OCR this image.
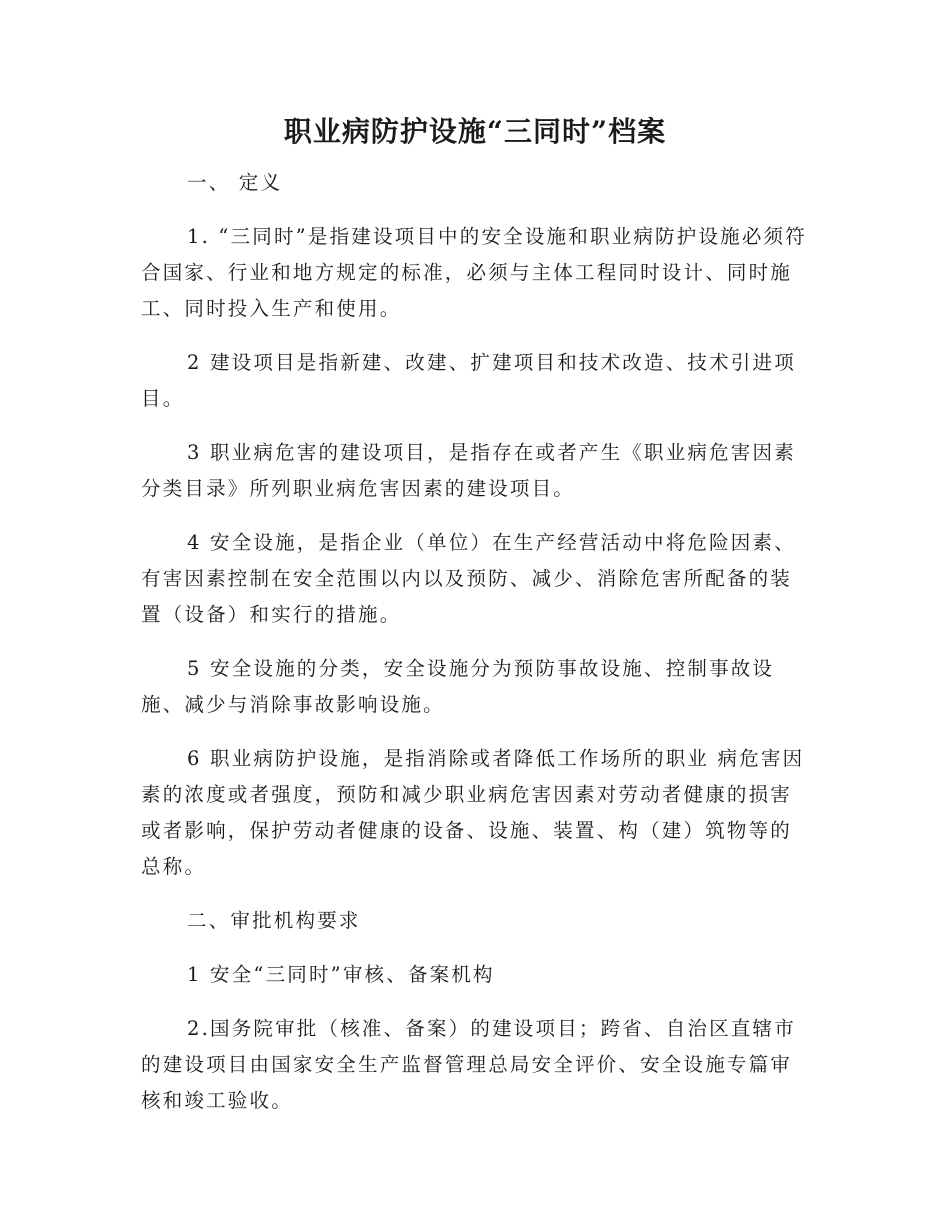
职业病防护设施“三同时”档案

一、 定义

1. “三同时”是指建设项目中的安全设施和职业病防护设施必须符合国家、行业和地方规定的标准，必须与主体工程同时设计、同时施工、同时投入生产和使用。

2 建设项目是指新建、改建、扩建项目和技术改造、技术引进项目。

3 职业病危害的建设项目，是指存在或者产生《职业病危害因素分类目录》所列职业病危害因素的建设项目。

4 安全设施，是指企业（单位）在生产经营活动中将危险因素、有害因素控制在安全范围以内以及预防、减少、消除危害所配备的装置（设备）和实行的措施。

5 安全设施的分类，安全设施分为预防事故设施、控制事故设施、减少与消除事故影响设施。

6 职业病防护设施，是指消除或者降低工作场所的职业 病危害因素的浓度或者强度，预防和减少职业病危害因素对劳动者健康的损害或者影响，保护劳动者健康的设备、设施、装置、构（建）筑物等的总称。

二、审批机构要求

1 安全“三同时”审核、备案机构

2.国务院审批（核准、备案）的建设项目；跨省、自治区直辖市的建设项目由国家安全生产监督管理总局安全评价、安全设施专篇审核和竣工验收。
